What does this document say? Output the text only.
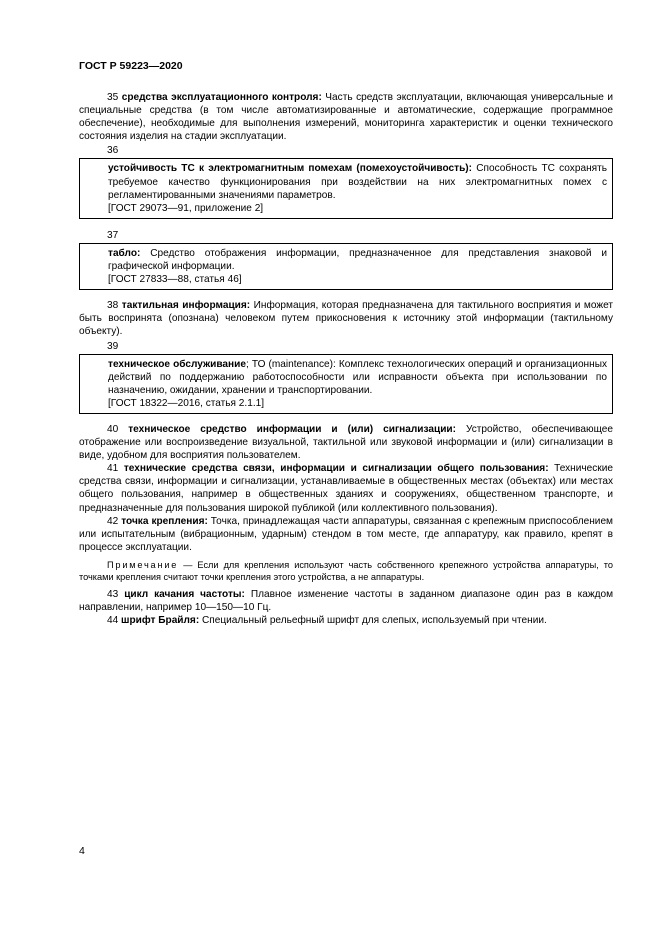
ГОСТ Р 59223—2020

35 средства эксплуатационного контроля: Часть средств эксплуатации, включающая универсальные и специальные средства (в том числе автоматизированные и автоматические, содержащие программное обеспечение), необходимые для выполнения измерений, мониторинга характеристик и оценки технического состояния изделия на стадии эксплуатации.

36

устойчивость ТС к электромагнитным помехам (помехоустойчивость): Способность ТС сохранять требуемое качество функционирования при воздействии на них электромагнитных помех с регламентированными значениями параметров.

[ГОСТ 29073—91, приложение 2]

37

табло: Средство отображения информации, предназначенное для представления знаковой и графической информации.

[ГОСТ 27833—88, статья 46]

38 тактильная информация: Информация, которая предназначена для тактильного восприятия и может быть воспринята (опознана) человеком путем прикосновения к источнику этой информации (тактильному объекту).

39

техническое обслуживание; ТО (maintenance): Комплекс технологических операций и организационных действий по поддержанию работоспособности или исправности объекта при использовании по назначению, ожидании, хранении и транспортировании.

[ГОСТ 18322—2016, статья 2.1.1]

40 техническое средство информации и (или) сигнализации: Устройство, обеспечивающее отображение или воспроизведение визуальной, тактильной или звуковой информации и (или) сигнализации в виде, удобном для восприятия пользователем.

41 технические средства связи, информации и сигнализации общего пользования: Технические средства связи, информации и сигнализации, устанавливаемые в общественных местах (объектах) или местах общего пользования, например в общественных зданиях и сооружениях, общественном транспорте, и предназначенные для пользования широкой публикой (или коллективного пользования).

42 точка крепления: Точка, принадлежащая части аппаратуры, связанная с крепежным приспособлением или испытательным (вибрационным, ударным) стендом в том месте, где аппаратуру, как правило, крепят в процессе эксплуатации.

Примечание — Если для крепления используют часть собственного крепежного устройства аппаратуры, то точками крепления считают точки крепления этого устройства, а не аппаратуры.

43 цикл качания частоты: Плавное изменение частоты в заданном диапазоне один раз в каждом направлении, например 10—150—10 Гц.

44 шрифт Брайля: Специальный рельефный шрифт для слепых, используемый при чтении.

4
